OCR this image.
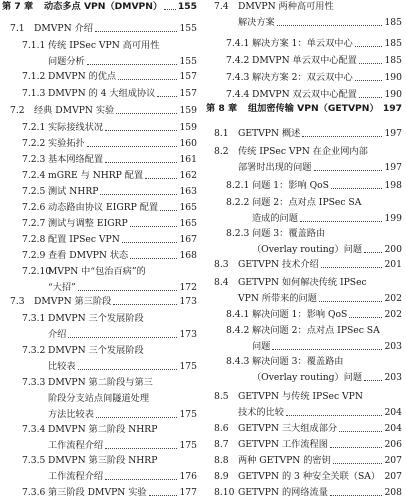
第 7 章 动态多点 VPN（DMVPN） 155
7.1 DMVPN 介绍	155
7.1.1 传统 IPSec VPN 高可用性
问题分析	155
7.1.2 DMVPN 的优点	157
7.1.3 DMVPN 的 4 大组成协议	157
7.2 经典 DMVPN 实验	159
7.2.1 实际接线状况	159
7.2.2 实验拓扑	160
7.2.3 基本网络配置	161
7.2.4 mGRE 与 NHRP 配置	162
7.2.5 测试 NHRP	163
7.2.6 动态路由协议 EIGRP 配置 165
7.2.7 测试与调整 EIGRP	165
7.2.8 配置 IPSec VPN	167
7.2.9 查看 DMVPN 状态	168
7.2.10
MVPN 中“包治百病”的
“大招”	172
7.3 DMVPN 第三阶段	173
7.3.1 DMVPN 三个发展阶段
介绍	173
7.3.2 DMVPN 三个发展阶段
比较表	175
7.3.3 DMVPN 第二阶段与第三
阶段分支站点间隧道处理
方法比较表	175
7.3.4 DMVPN 第二阶段 NHRP
工作流程介绍	175
7.3.5 DMVPN 第三阶段 NHRP
工作流程介绍	176
7.3.6 第三阶段 DMVPN 实验	177
7.4 DMVPN 两种高可用性
解决方案	185
7.4.1 解决方案 1：单云双中心	185
7.4.2 DMVPN 单云双中心配置	185
7.4.3 解决方案 2：双云双中心	190
7.4.4 DMVPN 双云双中心配置	190
第 8 章 组加密传输 VPN（GETVPN） 197
8.1 GETVPN 概述	197
8.2 传统 IPSec VPN 在企业网内部
部署时出现的问题	197
8.2.1 问题 1：影响 QoS	198
8.2.2 问题 2：点对点 IPSec SA
造成的问题	199
8.2.3 问题 3：覆盖路由
（Overlay routing）问题 200
8.3 GETVPN 技术介绍	201
8.4 GETVPN 如何解决传统 IPSec
VPN 所带来的问题	202
8.4.1 解决问题 1：影响 QoS	202
8.4.2 解决问题 2：点对点 IPSec SA
问题	203
8.4.3 解决问题 3：覆盖路由
（Overlay routing）问题 203
8.5 GETVPN 与传统 IPSec VPN
技术的比较	204
8.6 GETVPN 三大组成部分	204
8.7 GETVPN 工作流程图	206
8.8 两种 GETVPN 的密钥	207
8.9 GETVPN 的 3 种安全关联（SA） 207
8.10 GETVPN 的网络流量	208
